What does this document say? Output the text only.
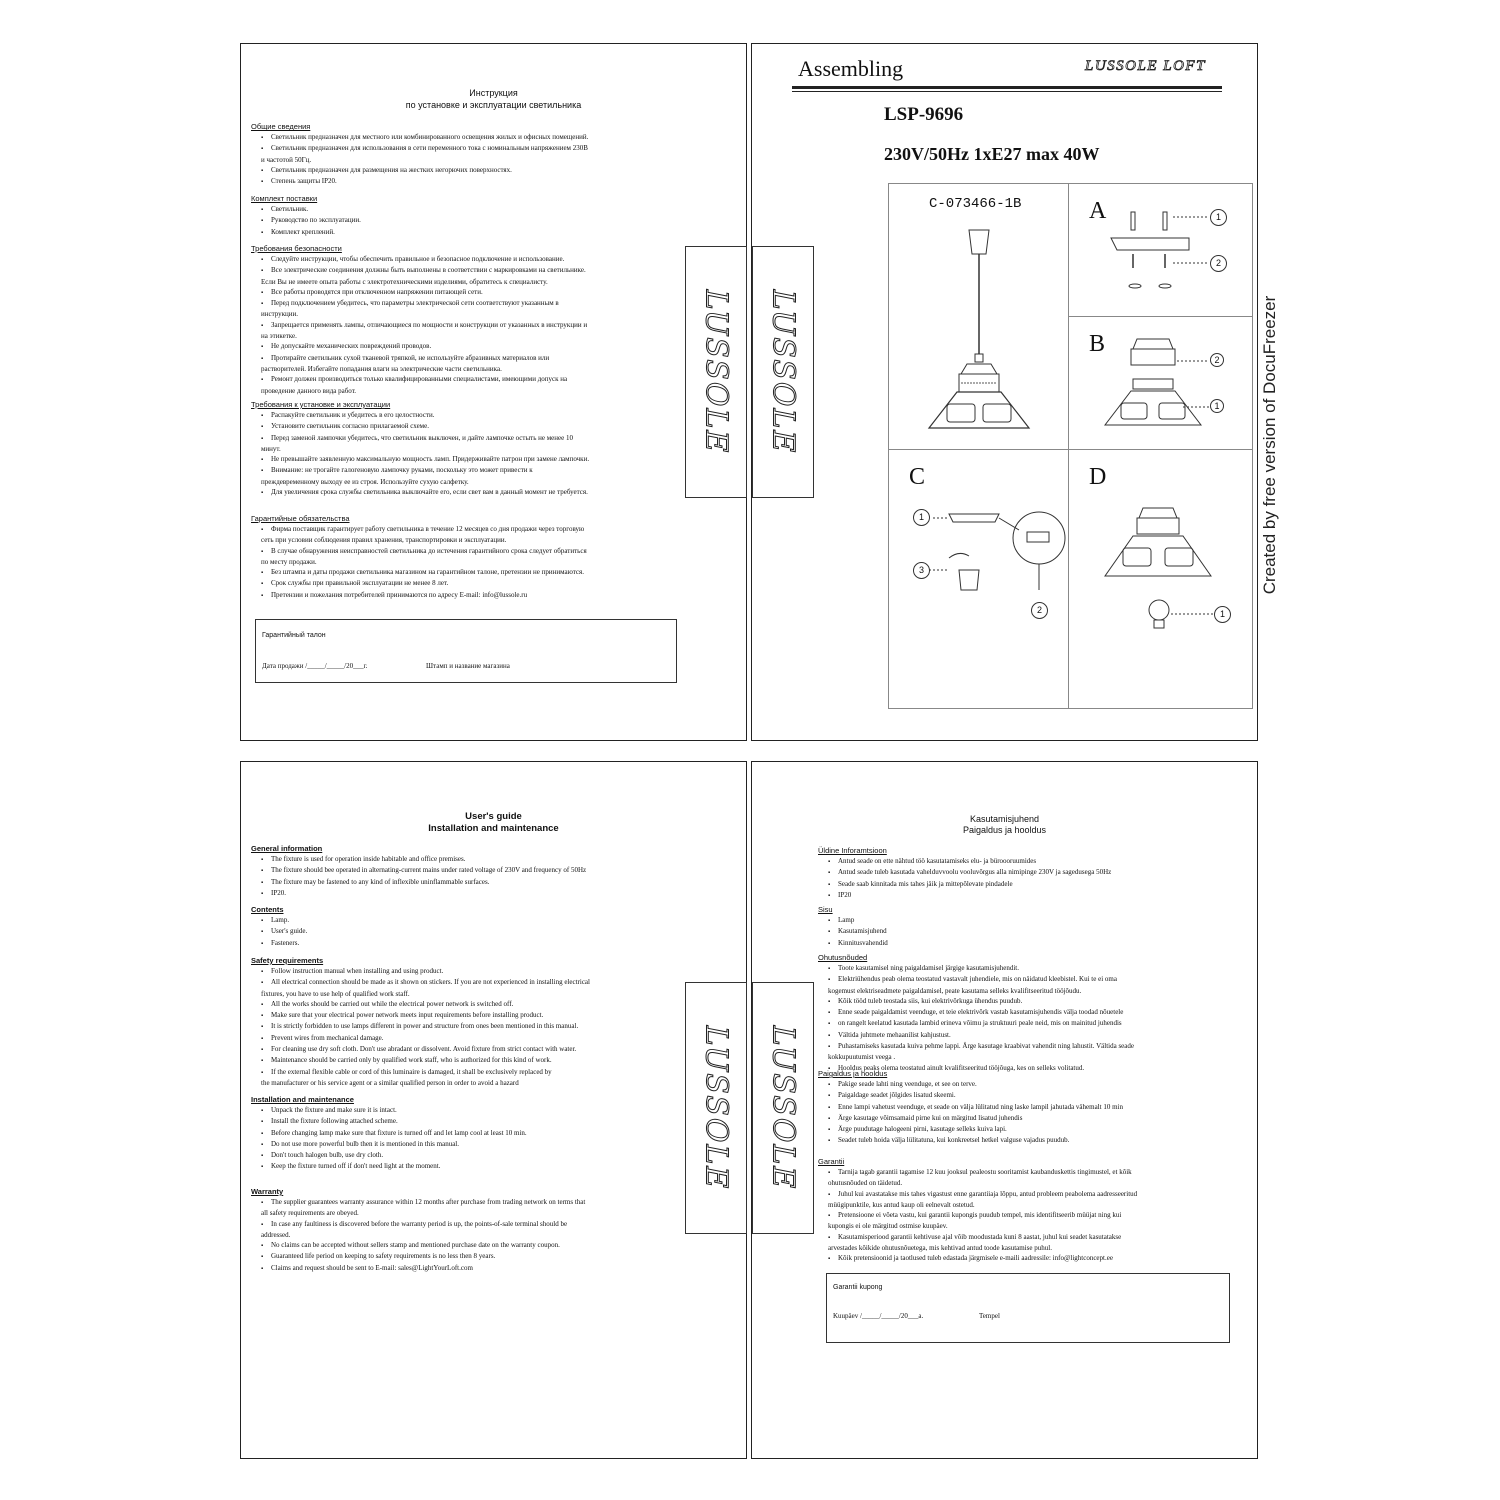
Инструкция
по установке и эксплуатации светильника
Общие сведения
▪ Светильник предназначен для местного или комбинированного освещения жилых и офисных помещений.
▪ Светильник предназначен для использования в сети переменного тока с номинальным напряжением 230В

и частотой 50Гц.

▪ Светильник предназначен для размещения на жестких негорючих поверхностях.
▪ Степень защиты IP20.
Комплект поставки
▪ Светильник.
▪ Руководство по эксплуатации.
▪ Комплект креплений.
Требования безопасности
▪ Следуйте инструкции, чтобы обеспечить правильное и безопасное подключение и использование.
▪ Все электрические соединения должны быть выполнены в соответствии с маркировками на светильнике.

Если Вы не имеете опыта работы с электротехническими изделиями, обратитесь к специалисту.

▪ Все работы проводятся при отключенном напряжении питающей сети.
▪ Перед подключением убедитесь, что параметры электрической сети соответствуют указанным в

инструкции.

▪ Запрещается применять лампы, отличающиеся по мощности и конструкции от указанных в инструкции и

на этикетке.

▪ Не допускайте механических повреждений проводов.
▪ Протирайте светильник сухой тканевой тряпкой, не используйте абразивных материалов или

растворителей. Избегайте попадания влаги на электрические части светильника.

▪ Ремонт должен производиться только квалифицированными специалистами, имеющими допуск на

проведение данного вида работ.

Требования к установке и эксплуатации
▪ Распакуйте светильник и убедитесь в его целостности.
▪ Установите светильник согласно прилагаемой схеме.
▪ Перед заменой лампочки убедитесь, что светильник выключен, и дайте лампочке остыть не менее 10

минут.

▪ Не превышайте заявленную максимальную мощность ламп. Придерживайте патрон при замене лампочки.
▪ Внимание: не трогайте галогеновую лампочку руками, поскольку это может привести к

преждевременному выходу ее из строя. Используйте сухую салфетку.

▪ Для увеличения срока службы светильника выключайте его, если свет вам в данный момент не требуется.
Гарантийные обязательства
▪ Фирма поставщик гарантирует работу светильника в течение 12 месяцев со дня продажи через торговую

сеть при условии соблюдения правил хранения, транспортировки и эксплуатации.

▪ В случае обнаружения неисправностей светильника до истечения гарантийного срока следует обратиться

по месту продажи.

▪ Без штампа и даты продажи светильника магазином на гарантийном талоне, претензии не принимаются.
▪ Срок службы при правильной эксплуатации не менее 8 лет.
▪ Претензии и пожелания потребителей принимаются по адресу E-mail: info@lussole.ru
Гарантийный талон
Дата продажи /_____/_____/20___г.	Штамп и название магазина
LUSSOLE
Assembling	LUSSOLE LOFT
LSP-9696
230V/50Hz 1xE27 max 40W
LUSSOLE
C-073466-1B	A	1
2
B
2
1
C
1
3
2
D
1
User's guide
Installation and maintenance
General information
▪ The fixture is used for operation inside habitable and office premises.
▪ The fixture should bee operated in alternating-current mains under rated voltage of 230V and frequency of 50Hz
▪ The fixture may be fastened to any kind of inflexible uninflammable surfaces.
▪ IP20.
Contents
▪ Lamp.
▪ User's guide.
▪ Fasteners.
Safety requirements
▪ Follow instruction manual when installing and using product.
▪ All electrical connection should be made as it shown on stickers. If you are not experienced in installing electrical

fixtures, you have to use help of qualified work staff.

▪ All the works should be carried out while the electrical power network is switched off.
▪ Make sure that your electrical power network meets input requirements before installing product.
▪ It is strictly forbidden to use lamps different in power and structure from ones been mentioned in this manual.
▪ Prevent wires from mechanical damage.
▪ For cleaning use dry soft cloth. Don't use abradant or dissolvent. Avoid fixture from strict contact with water.
▪ Maintenance should be carried only by qualified work staff, who is authorized for this kind of work.
▪ If the external flexible cable or cord of this luminaire is damaged, it shall be exclusively replaced by

the manufacturer or his service agent or a similar qualified person in order to avoid a hazard

Installation and maintenance
▪ Unpack the fixture and make sure it is intact.
▪ Install the fixture following attached scheme.
▪ Before changing lamp make sure that fixture is turned off and let lamp cool at least 10 min.
▪ Do not use more powerful bulb then it is mentioned in this manual.
▪ Don't touch halogen bulb, use dry cloth.
▪ Keep the fixture turned off if don't need light at the moment.
Warranty
▪ The supplier guarantees warranty assurance within 12 months after purchase from trading network on terms that

all safety requirements are obeyed.

▪ In case any faultiness is discovered before the warranty period is up, the points-of-sale terminal should be

addressed.

▪ No claims can be accepted without sellers stamp and mentioned purchase date on the warranty coupon.
▪ Guaranteed life period on keeping to safety requirements is no less then 8 years.
▪ Claims and request should be sent to E-mail: sales@LightYourLoft.com
LUSSOLE
Kasutamisjuhend
Paigaldus ja hooldus
Üldine Inforamtsioon
▪ Antud seade on ette nähtud töö kasutatamiseks elu- ja büroooruumides
▪ Antud seade tuleb kasutada vahelduvvoolu vooluvõrgus alla nimipinge 230V ja sagedusega 50Hz
▪ Seade saab kinnitada mis tahes jäik ja mittepõlevate pindadele
▪ IP20
Sisu
▪ Lamp
▪ Kasutamisjuhend
▪ Kinnitusvahendid
Ohutusnõuded
▪ Toote kasutamisel ning paigaldamisel järgige kasutamisjuhendit.
▪ Elektriühendus peab olema teostatud vastavalt juhendiele, mis on näidatud kleebistel. Kui te ei oma

kogemust elektriseadmete paigaldamisel, peate kasutama selleks kvalifitseeritud tööjõudu.

▪ Kõik tööd tuleb teostada siis, kui elektrivõrkuga ühendus puudub.
▪ Enne seade paigaldamist veenduge, et teie elektrivõrk vastab kasutamisjuhendis välja toodad nõuetele
▪ on rangelt keelatud kasutada lambid erineva võimu ja struktuuri peale neid, mis on mainitud juhendis
▪ Vältida juhtmete mehaanilist kahjustust.
▪ Puhastamiseks kasutada kuiva pehme lappi. Ärge kasutage kraabivat vahendit ning lahustit. Vältida seade

kokkupuutumist veega .

▪ Hooldus peaks olema teostatud ainult kvalifitseeritud tööjõuga, kes on selleks volitatud.
Paigaldus ja hooldus
▪ Pakige seade lahti ning veenduge, et see on terve.
▪ Paigaldage seadet jõlgides lisatud skeemi.
▪ Enne lampi vahetust veenduge, et seade on välja lülitatud ning laske lampil jahutada vähemalt 10 min
▪ Ärge kasutage võimsamaid pirne kui on märgitud lisatud juhendis
▪ Ärge puudutage halogeeni pirni, kasutage selleks kuiva lapi.
▪ Seadet tuleb hoida välja lülitatuna, kui konkreetsel hetkel valguse vajadus puudub.
Garantii
▪ Tarnija tagab garantii tagamise 12 kuu jooksul pealeostu sooritamist kaubanduskettis tingimustel, et kõik

ohutusnõuded on täidetud.

▪ Juhul kui avastatakse mis tahes vigastust enne garantiiaja lõppu, antud probleem peabolema aadresseeritud

müügipunktile, kus antud kaup oli eelnevalt ostetud.

▪ Pretensioone ei võeta vastu, kui garantii kupongis puudub tempel, mis identifitseerib müüjat ning kui

kupongis ei ole märgitud ostmise kuupäev.

▪ Kasutamisperiood garantii kehtivuse ajal võib moodustada kuni 8 aastat, juhul kui seadet kasutatakse

arvestades kõikide ohutusnõuetega, mis kehtivad antud toode kasutamise puhul.

▪ Kõik pretensioonid ja taotlused tuleb edastada järgmisele e-maili aadressile: info@lightconcept.ee
LUSSOLE
Garantii kupong
Kuupäev /_____/_____/20___a.	Tempel
Created by free version of DocuFreezer
